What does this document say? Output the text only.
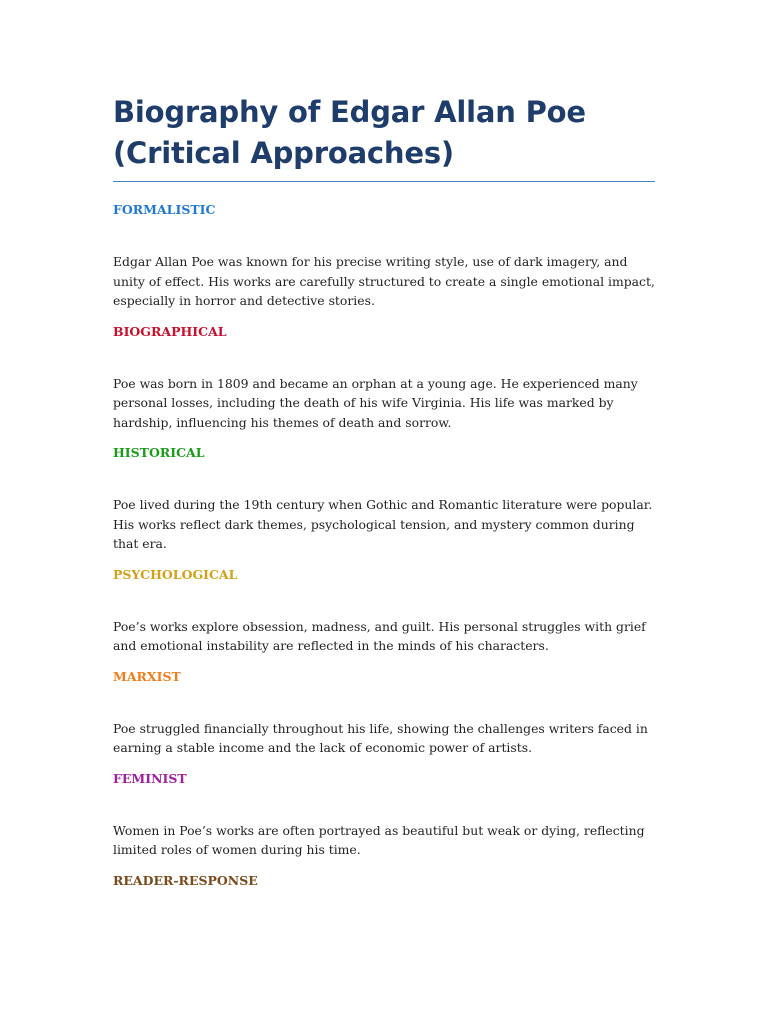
Biography of Edgar Allan Poe (Critical Approaches)

FORMALISTIC

Edgar Allan Poe was known for his precise writing style, use of dark imagery, and unity of effect. His works are carefully structured to create a single emotional impact, especially in horror and detective stories.

BIOGRAPHICAL

Poe was born in 1809 and became an orphan at a young age. He experienced many personal losses, including the death of his wife Virginia. His life was marked by hardship, influencing his themes of death and sorrow.

HISTORICAL

Poe lived during the 19th century when Gothic and Romantic literature were popular. His works reflect dark themes, psychological tension, and mystery common during that era.

PSYCHOLOGICAL

Poe’s works explore obsession, madness, and guilt. His personal struggles with grief and emotional instability are reflected in the minds of his characters.

MARXIST

Poe struggled financially throughout his life, showing the challenges writers faced in earning a stable income and the lack of economic power of artists.

FEMINIST

Women in Poe’s works are often portrayed as beautiful but weak or dying, reflecting limited roles of women during his time.

READER-RESPONSE
